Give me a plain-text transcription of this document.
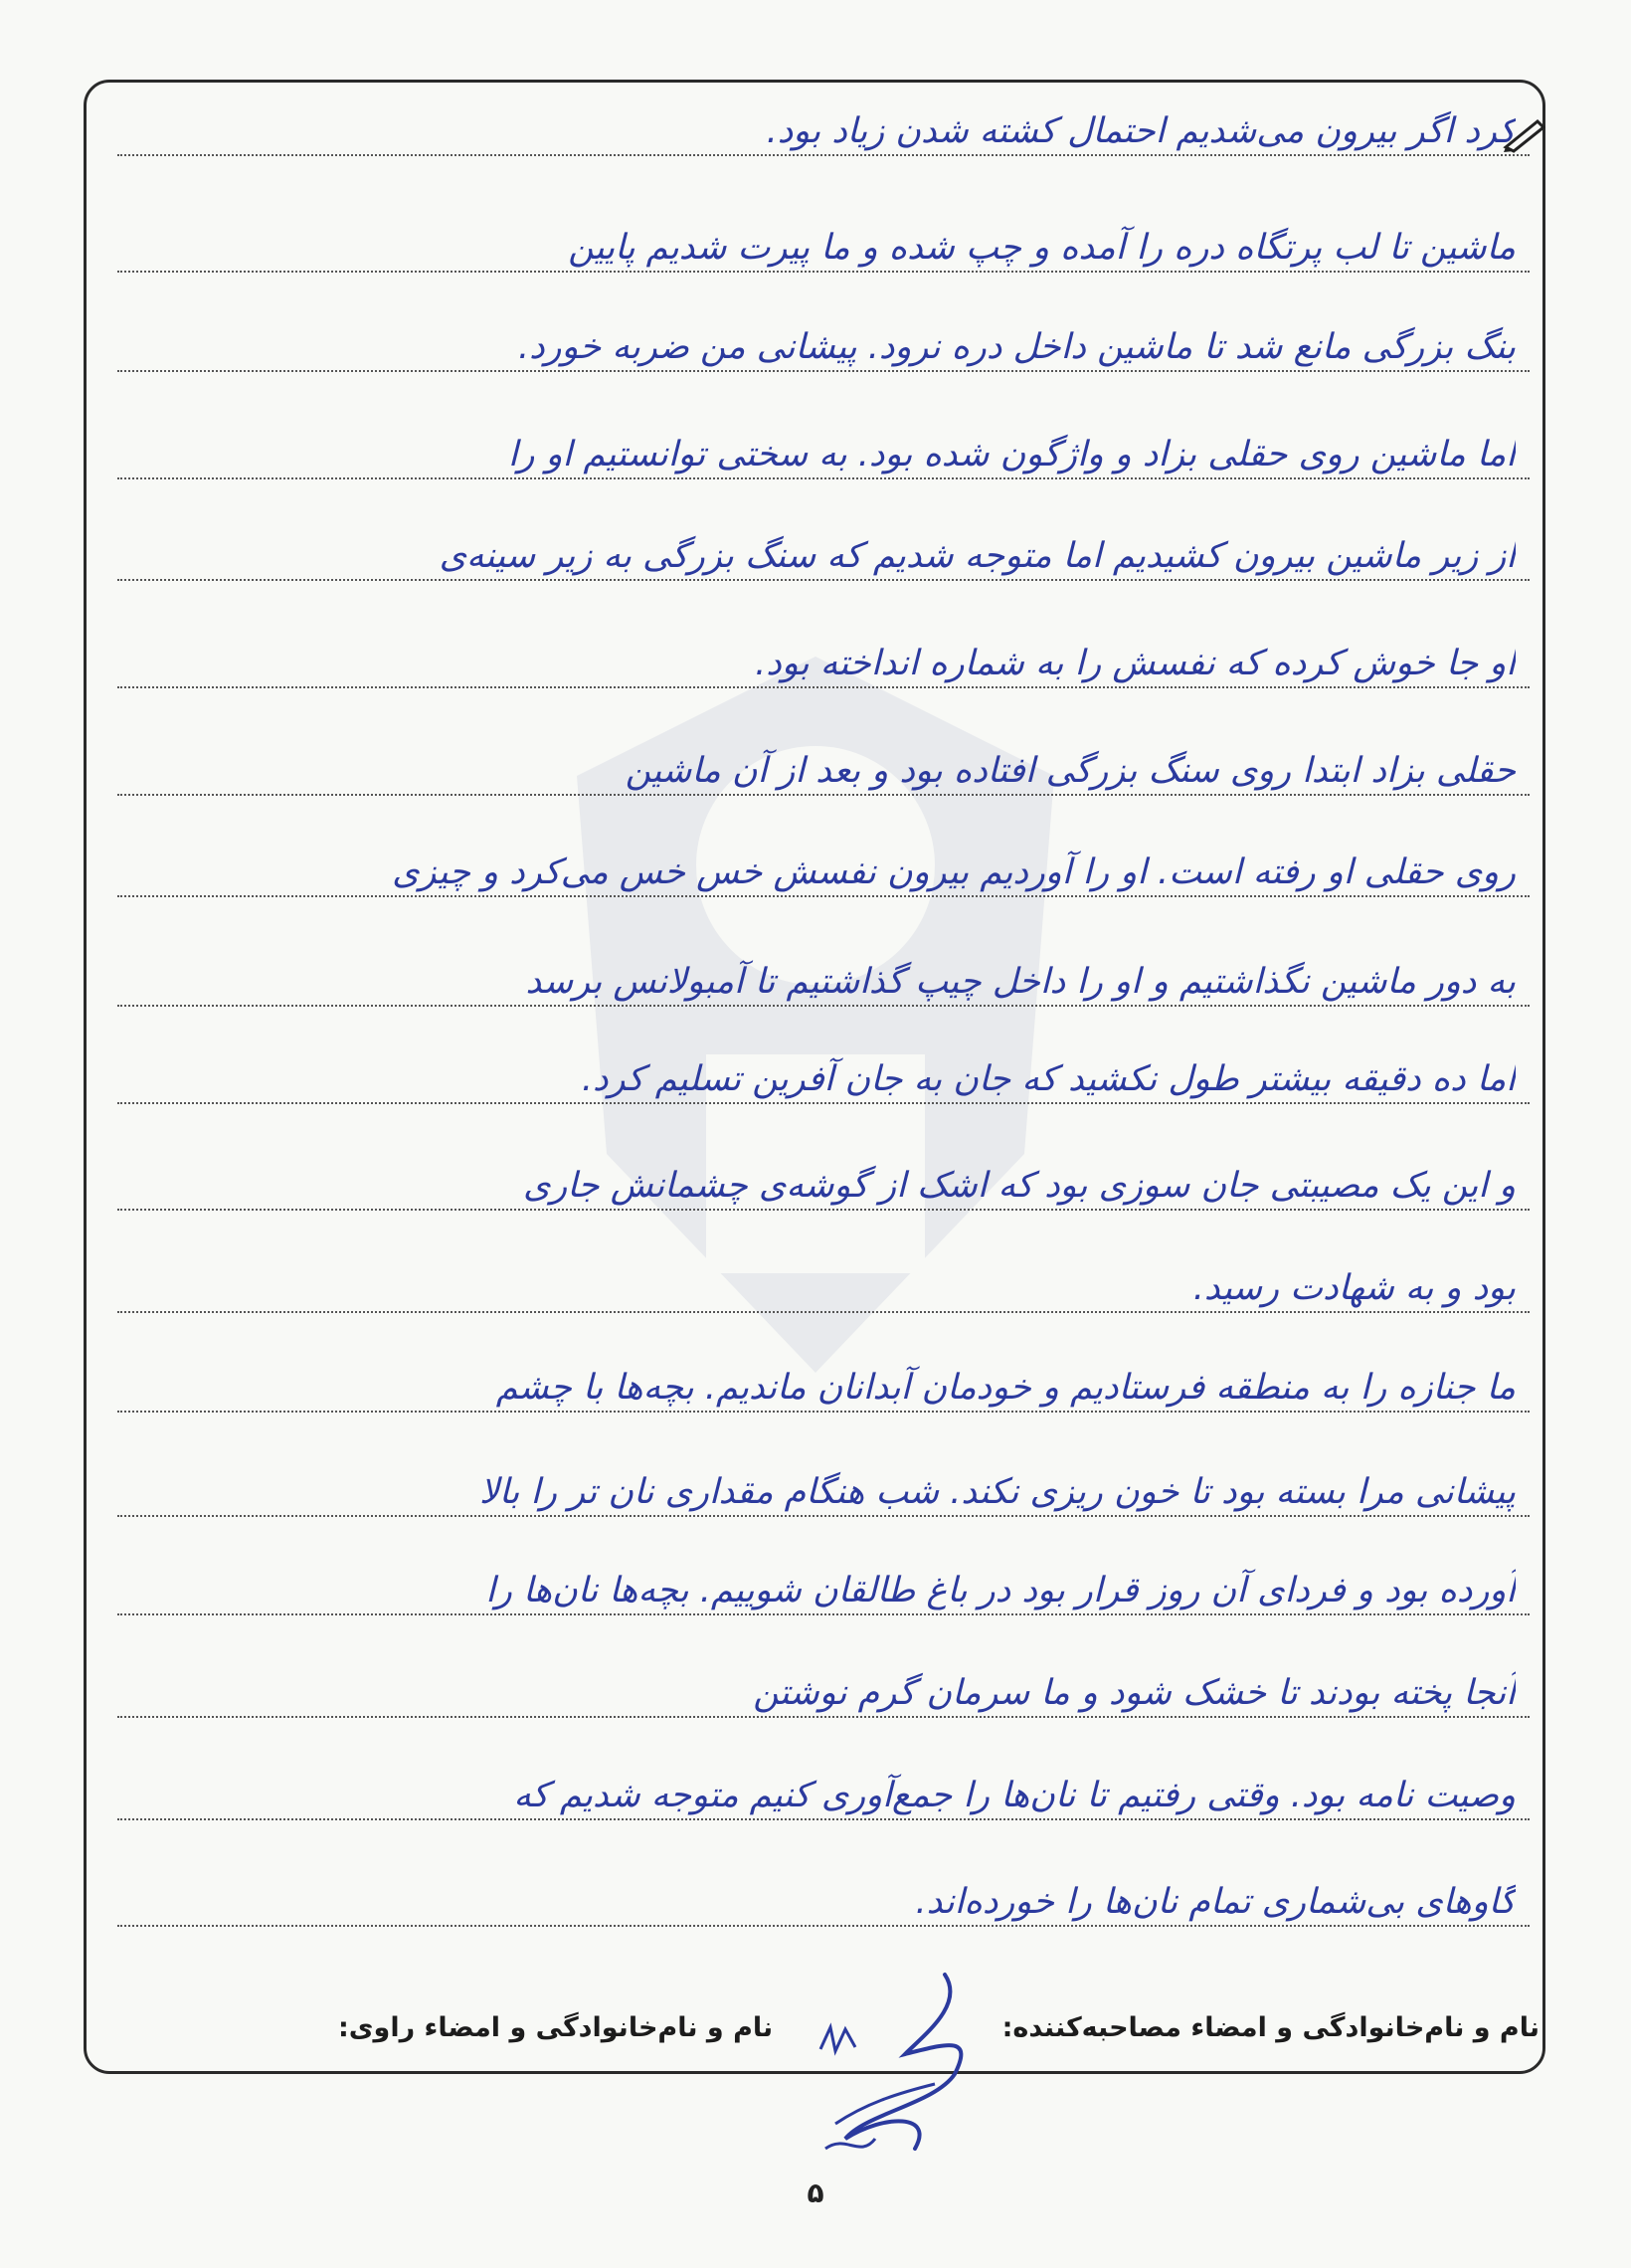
کرد اگر بیرون می‌شدیم احتمال کشته شدن زیاد بود.
ماشین تا لب پرتگاه دره را آمده و چپ شده و ما پیرت شدیم پایین
بنگ بزرگی مانع شد تا ماشین داخل دره نرود. پیشانی من ضربه خورد.
اما ماشین روی حقلی بزاد و واژگون شده بود. به سختی توانستیم او را
از زیر ماشین بیرون کشیدیم اما متوجه شدیم که سنگ بزرگی به زیر سینه‌ی
او جا خوش کرده که نفسش را به شماره انداخته بود.
حقلی بزاد ابتدا روی سنگ بزرگی افتاده بود و بعد از آن ماشین
روی حقلی او رفته است. او را آوردیم بیرون نفسش خس خس می‌کرد و چیزی
به دور ماشین نگذاشتیم و او را داخل چیپ گذاشتیم تا آمبولانس برسد
اما ده دقیقه بیشتر طول نکشید که جان به جان آفرین تسلیم کرد.
و این یک مصیبتی جان سوزی بود که اشک از گوشه‌ی چشمانش جاری
بود و به شهادت رسید.
ما جنازه را به منطقه فرستادیم و خودمان آبدانان ماندیم. بچه‌ها با چشم
پیشانی مرا بسته بود تا خون ریزی نکند. شب هنگام مقداری نان تر را بالا
آورده بود و فردای آن روز قرار بود در باغ طالقان شوییم. بچه‌ها نان‌ها را
آنجا پخته بودند تا خشک شود و ما سرمان گرم نوشتن
وصیت نامه بود. وقتی رفتیم تا نان‌ها را جمع‌آوری کنیم متوجه شدیم که
گاوهای بی‌شماری تمام نان‌ها را خورده‌اند.
نام و نام‌خانوادگی و امضاء مصاحبه‌کننده:
نام و نام‌خانوادگی و امضاء راوی:
۵
